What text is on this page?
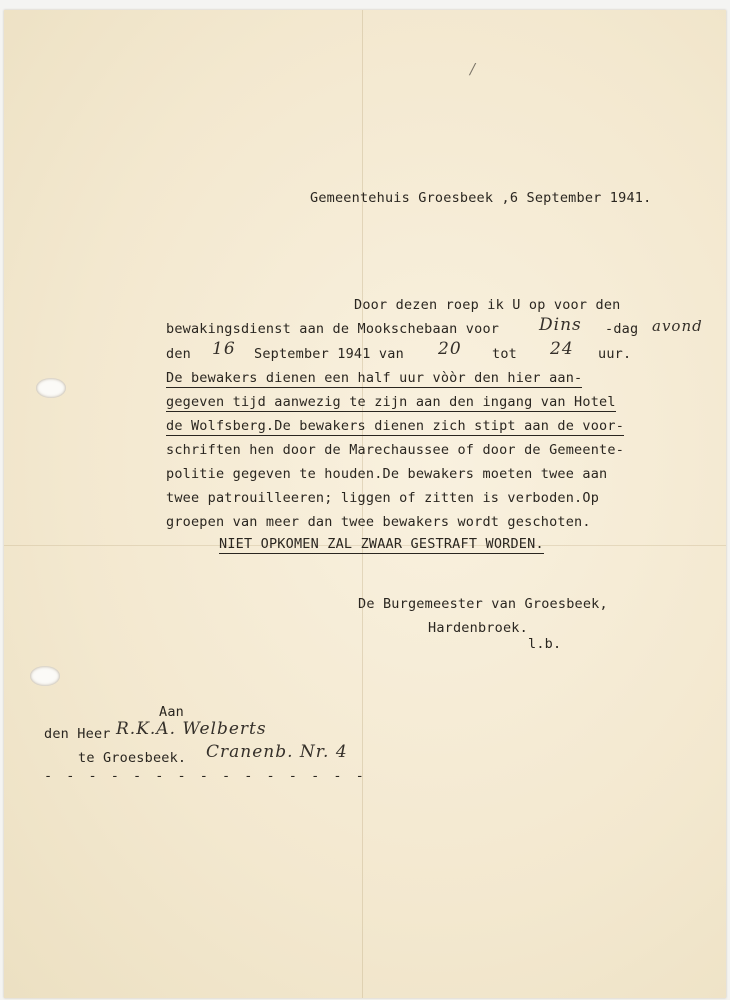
/
Gemeentehuis Groesbeek ,6 September 1941.
Door dezen roep ik U op voor den
bewakingsdienst aan de Mookschebaan voor Dins -dag avond
den 16 September 1941 van 20 tot 24 uur.
De bewakers dienen een half uur vòòr den hier aan-
gegeven tijd aanwezig te zijn aan den ingang van Hotel
de Wolfsberg.De bewakers dienen zich stipt aan de voor-
schriften hen door de Marechaussee of door de Gemeente-
politie gegeven te houden.De bewakers moeten twee aan
twee patrouilleeren; liggen of zitten is verboden.Op
groepen van meer dan twee bewakers wordt geschoten.
NIET OPKOMEN ZAL ZWAAR GESTRAFT WORDEN.
De Burgemeester van Groesbeek,
Hardenbroek.
l.b.
Aan
den Heer R.K.A. Welberts
te Groesbeek. Cranenb. Nr. 4
- - - - - - - - - - - - - - -
